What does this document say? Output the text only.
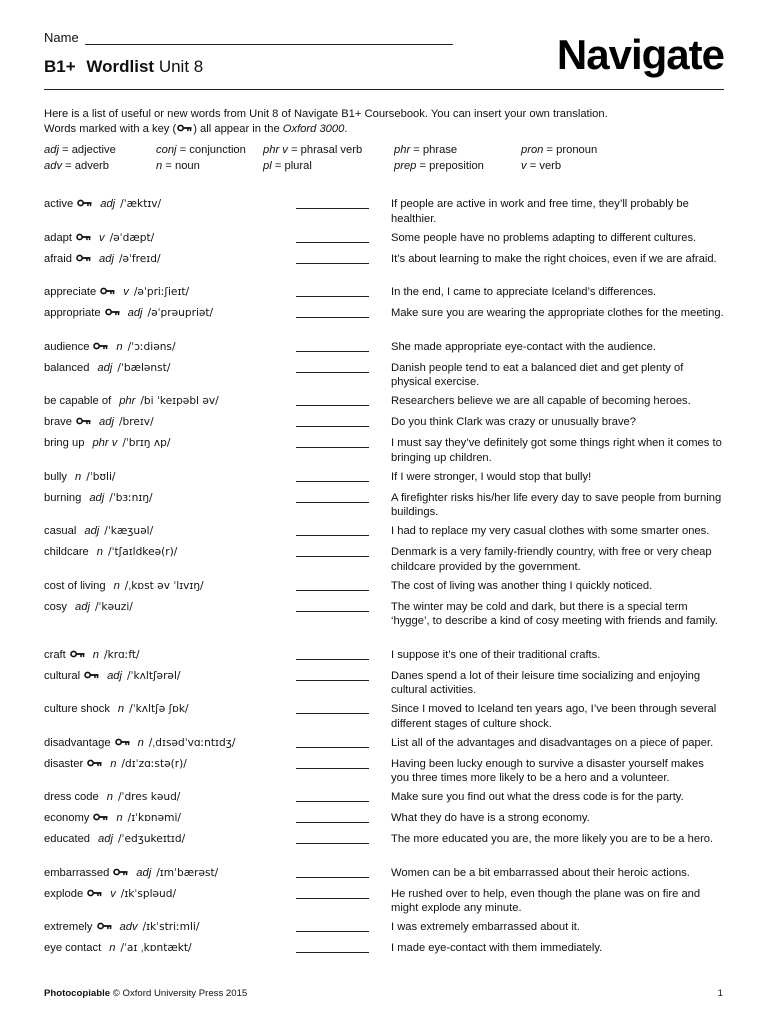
Name
B1+ Wordlist Unit 8	Navigate
Here is a list of useful or new words from Unit 8 of Navigate B1+ Coursebook. You can insert your own translation.
Words marked with a key ( ) all appear in the Oxford 3000.
adj = adjective	conj = conjunction	phr v = phrasal verb	phr = phrase	pron = pronoun
adv = adverb	n = noun	pl = plural	prep = preposition	v = verb
active adj /ˈæktɪv/	If people are active in work and free time, they’ll probably be healthier.
adapt v /əˈdæpt/	Some people have no problems adapting to different cultures.
afraid adj /əˈfreɪd/	It’s about learning to make the right choices, even if we are afraid.
appreciate v /əˈpriːʃieɪt/	In the end, I came to appreciate Iceland’s differences.
appropriate adj /əˈprəupriət/	Make sure you are wearing the appropriate clothes for the meeting.
audience n /ˈɔːdiəns/	She made appropriate eye-contact with the audience.
balanced adj /ˈbælənst/	Danish people tend to eat a balanced diet and get plenty of physical exercise.
be capable of phr /bi ˈkeɪpəbl əv/	Researchers believe we are all capable of becoming heroes.
brave adj /breɪv/	Do you think Clark was crazy or unusually brave?
bring up phr v /ˈbrɪŋ ʌp/	I must say they’ve definitely got some things right when it comes to bringing up children.
bully n /ˈbʊli/	If I were stronger, I would stop that bully!
burning adj /ˈbɜːnɪŋ/	A firefighter risks his/her life every day to save people from burning buildings.
casual adj /ˈkæʒuəl/	I had to replace my very casual clothes with some smarter ones.
childcare n /ˈtʃaɪldkeə(r)/	Denmark is a very family-friendly country, with free or very cheap childcare provided by the government.
cost of living n /ˌkɒst əv ˈlɪvɪŋ/	The cost of living was another thing I quickly noticed.
cosy adj /ˈkəuzi/	The winter may be cold and dark, but there is a special term ‘hygge’, to describe a kind of cosy meeting with friends and family.
craft n /krɑːft/	I suppose it’s one of their traditional crafts.
cultural adj /ˈkʌltʃərəl/	Danes spend a lot of their leisure time socializing and enjoying cultural activities.
culture shock n /ˈkʌltʃə ʃɒk/	Since I moved to Iceland ten years ago, I’ve been through several different stages of culture shock.
disadvantage n /ˌdɪsədˈvɑːntɪdʒ/	List all of the advantages and disadvantages on a piece of paper.
disaster n /dɪˈzɑːstə(r)/	Having been lucky enough to survive a disaster yourself makes you three times more likely to be a hero and a volunteer.
dress code n /ˈdres kəud/	Make sure you find out what the dress code is for the party.
economy n /ɪˈkɒnəmi/	What they do have is a strong economy.
educated adj /ˈedʒukeɪtɪd/	The more educated you are, the more likely you are to be a hero.
embarrassed adj /ɪmˈbærəst/	Women can be a bit embarrassed about their heroic actions.
explode v /ɪkˈspləud/	He rushed over to help, even though the plane was on fire and might explode any minute.
extremely adv /ɪkˈstriːmli/	I was extremely embarrassed about it.
eye contact n /ˈaɪ ˌkɒntækt/	I made eye-contact with them immediately.
Photocopiable © Oxford University Press 2015	1
